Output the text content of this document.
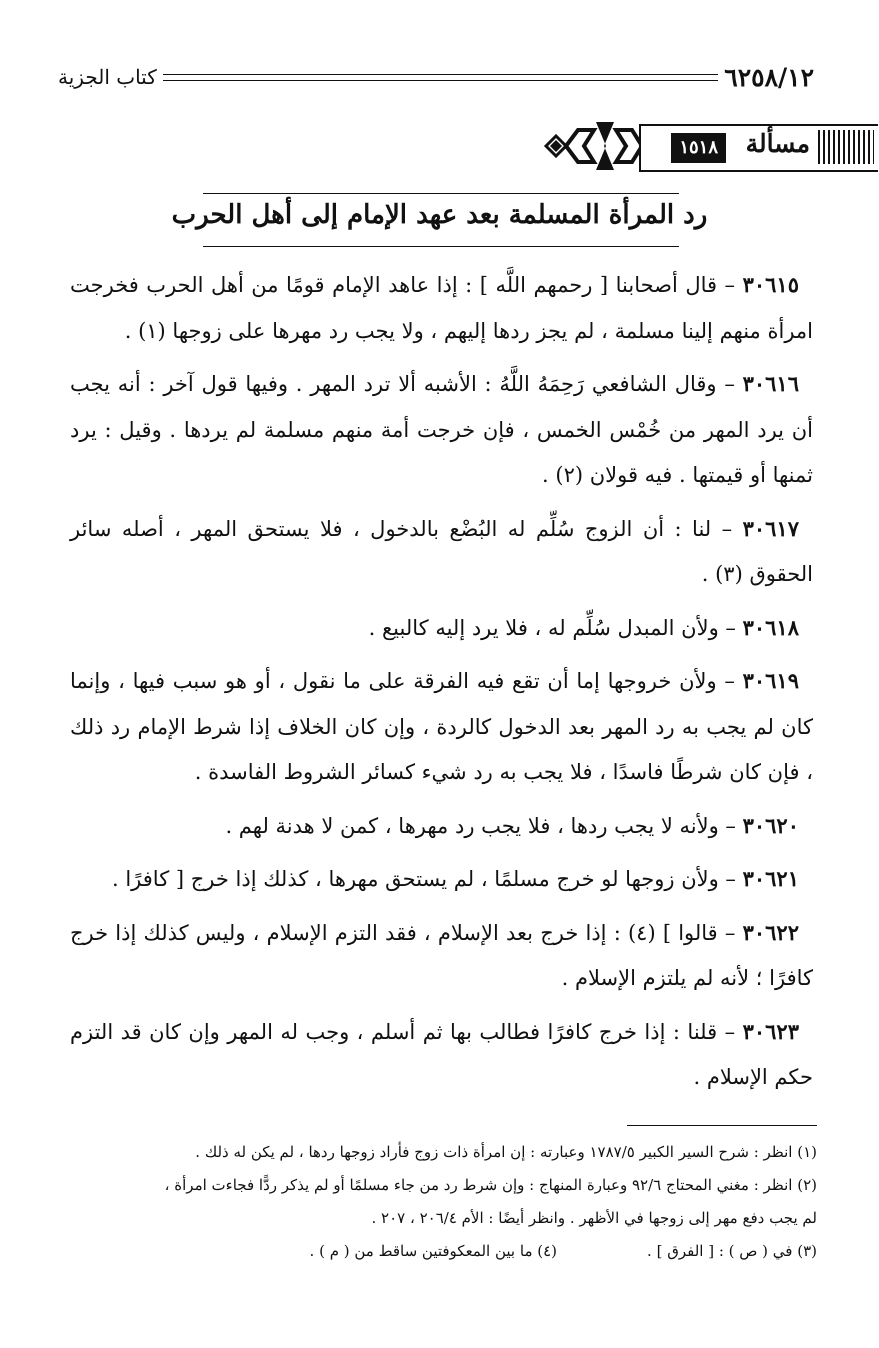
٦٢٥٨/١٢
كتاب الجزية
مسألة
١٥١٨
رد المرأة المسلمة بعد عهد الإمام إلى أهل الحرب

٣٠٦١٥ – قال أصحابنا [ رحمهم اللَّه ] : إذا عاهد الإمام قومًا من أهل الحرب فخرجت امرأة منهم إلينا مسلمة ، لم يجز ردها إليهم ، ولا يجب رد مهرها على زوجها (١) .

٣٠٦١٦ – وقال الشافعي رَحِمَهُ اللَّهُ : الأشبه ألا ترد المهر . وفيها قول آخر : أنه يجب أن يرد المهر من خُمْس الخمس ، فإن خرجت أمة منهم مسلمة لم يردها . وقيل : يرد ثمنها أو قيمتها . فيه قولان (٢) .

٣٠٦١٧ – لنا : أن الزوج سُلِّم له البُضْع بالدخول ، فلا يستحق المهر ، أصله سائر الحقوق (٣) .

٣٠٦١٨ – ولأن المبدل سُلِّم له ، فلا يرد إليه كالبيع .

٣٠٦١٩ – ولأن خروجها إما أن تقع فيه الفرقة على ما نقول ، أو هو سبب فيها ، وإنما كان لم يجب به رد المهر بعد الدخول كالردة ، وإن كان الخلاف إذا شرط الإمام رد ذلك ، فإن كان شرطًا فاسدًا ، فلا يجب به رد شيء كسائر الشروط الفاسدة .

٣٠٦٢٠ – ولأنه لا يجب ردها ، فلا يجب رد مهرها ، كمن لا هدنة لهم .

٣٠٦٢١ – ولأن زوجها لو خرج مسلمًا ، لم يستحق مهرها ، كذلك إذا خرج [ كافرًا .

٣٠٦٢٢ – قالوا ] (٤) : إذا خرج بعد الإسلام ، فقد التزم الإسلام ، وليس كذلك إذا خرج كافرًا ؛ لأنه لم يلتزم الإسلام .

٣٠٦٢٣ – قلنا : إذا خرج كافرًا فطالب بها ثم أسلم ، وجب له المهر وإن كان قد التزم حكم الإسلام .

(١) انظر : شرح السير الكبير ١٧٨٧/٥ وعبارته : إن امرأة ذات زوج فأراد زوجها ردها ، لم يكن له ذلك .

(٢) انظر : مغني المحتاج ٩٢/٦ وعبارة المنهاج : وإن شرط رد من جاء مسلمًا أو لم يذكر ردًّا فجاءت امرأة ،

لم يجب دفع مهر إلى زوجها في الأظهر . وانظر أيضًا : الأم ٢٠٦/٤ ، ٢٠٧ .

(٣) في ( ص ) : [ الفرق ] .

(٤) ما بين المعكوفتين ساقط من ( م ) .
